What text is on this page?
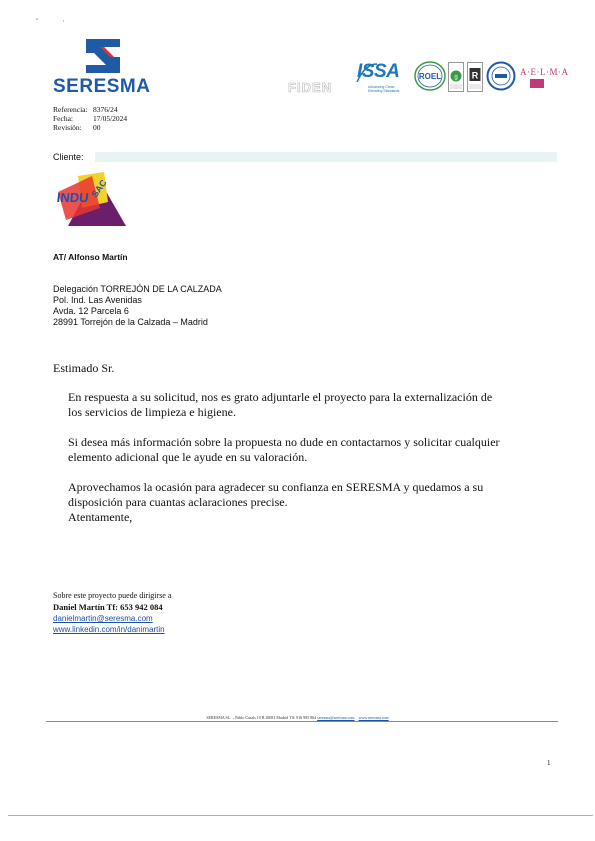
SERESMA	FIDEN
ISSA
Advancing Clean. Elevating Standards
ROEL g R	A·E·L·M·A
Referencia: 8376/24
Fecha:	17/05/2024
Revisión: 00
Cliente:
INDU SAC
AT/ Alfonso Martín
Delegación TORREJÓN DE LA CALZADA
Pol. Ind. Las Avenidas
Avda. 12 Parcela 6
28991 Torrejón de la Calzada – Madrid
Estimado Sr.
En respuesta a su solicitud, nos es grato adjuntarle el proyecto para la externalización de
los servicios de limpieza e higiene.
Si desea más información sobre la propuesta no dude en contactarnos y solicitar cualquier
elemento adicional que le ayude en su valoración.
Aprovechamos la ocasión para agradecer su confianza en SERESMA y quedamos a su
disposición para cuantas aclaraciones precise.
Atentamente,
Sobre este proyecto puede dirigirse a
Daniel Martín Tf: 653 942 084
danielmartin@seresma.com
www.linkedin.com/in/danimartin
SERESMA SL. – Pablo Casals 10 B 28081 Madrid Tlf: 916 985 864 seresma@seresma.com www.seresma.com
1
